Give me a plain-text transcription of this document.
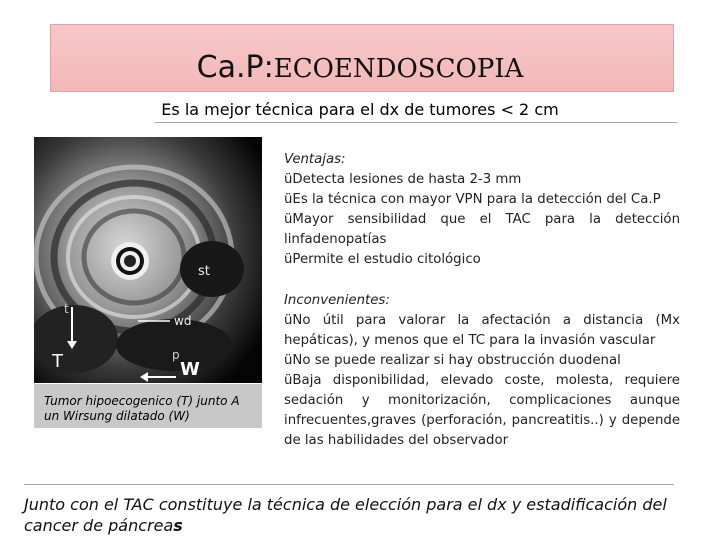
Ca.P:ECOENDOSCOPIA
Es la mejor técnica para el dx de tumores < 2 cm
st
wd
t
T	W
p
Tumor hipoecogenico (T) junto A un Wirsung dilatado (W)
Ventajas:
üDetecta lesiones de hasta 2-3 mm
üEs la técnica con mayor VPN para la detección del Ca.P
üMayor sensibilidad que el TAC para la detección linfadenopatías
üPermite el estudio citológico
Inconvenientes:
üNo útil para valorar la afectación a distancia (Mx hepáticas), y menos que el TC para la invasión vascular
üNo se puede realizar si hay obstrucción duodenal
üBaja disponibilidad, elevado coste, molesta, requiere sedación y monitorización, complicaciones aunque infrecuentes,graves (perforación, pancreatitis..) y depende de las habilidades del observador
Junto con el TAC constituye la técnica de elección para el dx y estadificación del cancer de páncreas
